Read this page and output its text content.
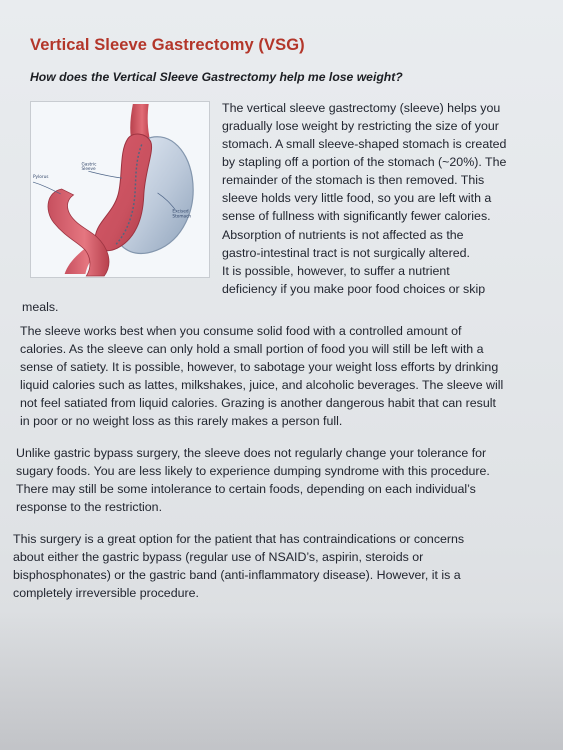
Vertical Sleeve Gastrectomy (VSG)
How does the Vertical Sleeve Gastrectomy help me lose weight?
Gastric Sleeve
Pylorus
Excised Stomach
The vertical sleeve gastrectomy (sleeve) helps you
gradually lose weight by restricting the size of your
stomach. A small sleeve-shaped stomach is created
by stapling off a portion of the stomach (~20%). The
remainder of the stomach is then removed. This
sleeve holds very little food, so you are left with a
sense of fullness with significantly fewer calories.
Absorption of nutrients is not affected as the
gastro-intestinal tract is not surgically altered.
It is possible, however, to suffer a nutrient
deficiency if you make poor food choices or skip
meals.
The sleeve works best when you consume solid food with a controlled amount of
calories. As the sleeve can only hold a small portion of food you will still be left with a
sense of satiety. It is possible, however, to sabotage your weight loss efforts by drinking
liquid calories such as lattes, milkshakes, juice, and alcoholic beverages. The sleeve will
not feel satiated from liquid calories. Grazing is another dangerous habit that can result
in poor or no weight loss as this rarely makes a person full.
Unlike gastric bypass surgery, the sleeve does not regularly change your tolerance for
sugary foods. You are less likely to experience dumping syndrome with this procedure.
There may still be some intolerance to certain foods, depending on each individual’s
response to the restriction.
This surgery is a great option for the patient that has contraindications or concerns
about either the gastric bypass (regular use of NSAID’s, aspirin, steroids or
bisphosphonates) or the gastric band (anti-inflammatory disease). However, it is a
completely irreversible procedure.
